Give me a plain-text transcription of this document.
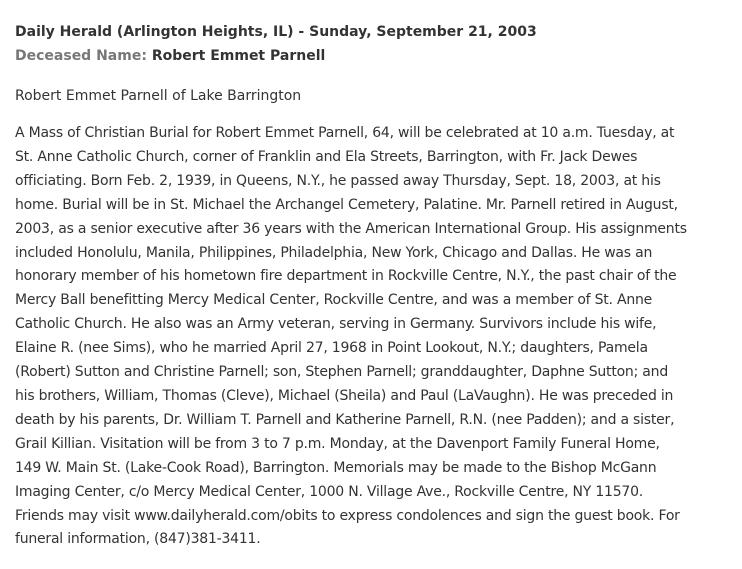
Daily Herald (Arlington Heights, IL) - Sunday, September 21, 2003
Deceased Name: Robert Emmet Parnell
Robert Emmet Parnell of Lake Barrington
A Mass of Christian Burial for Robert Emmet Parnell, 64, will be celebrated at 10 a.m. Tuesday, at
St. Anne Catholic Church, corner of Franklin and Ela Streets, Barrington, with Fr. Jack Dewes
officiating. Born Feb. 2, 1939, in Queens, N.Y., he passed away Thursday, Sept. 18, 2003, at his
home. Burial will be in St. Michael the Archangel Cemetery, Palatine. Mr. Parnell retired in August,
2003, as a senior executive after 36 years with the American International Group. His assignments
included Honolulu, Manila, Philippines, Philadelphia, New York, Chicago and Dallas. He was an
honorary member of his hometown fire department in Rockville Centre, N.Y., the past chair of the
Mercy Ball benefitting Mercy Medical Center, Rockville Centre, and was a member of St. Anne
Catholic Church. He also was an Army veteran, serving in Germany. Survivors include his wife,
Elaine R. (nee Sims), who he married April 27, 1968 in Point Lookout, N.Y.; daughters, Pamela
(Robert) Sutton and Christine Parnell; son, Stephen Parnell; granddaughter, Daphne Sutton; and
his brothers, William, Thomas (Cleve), Michael (Sheila) and Paul (LaVaughn). He was preceded in
death by his parents, Dr. William T. Parnell and Katherine Parnell, R.N. (nee Padden); and a sister,
Grail Killian. Visitation will be from 3 to 7 p.m. Monday, at the Davenport Family Funeral Home,
149 W. Main St. (Lake-Cook Road), Barrington. Memorials may be made to the Bishop McGann
Imaging Center, c/o Mercy Medical Center, 1000 N. Village Ave., Rockville Centre, NY 11570.
Friends may visit www.dailyherald.com/obits to express condolences and sign the guest book. For
funeral information, (847)381-3411.
